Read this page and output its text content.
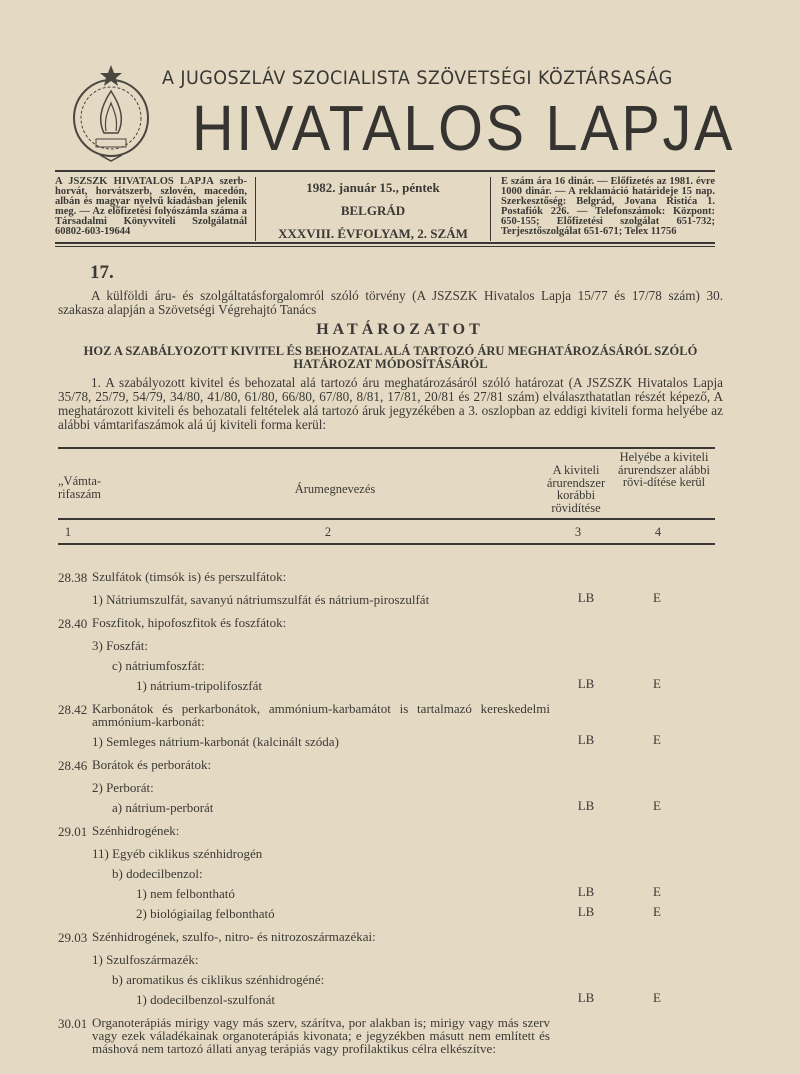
A JUGOSZLÁV SZOCIALISTA SZÖVETSÉGI KÖZTÁRSASÁG
HIVATALOS LAPJA
A JSZSZK HIVATALOS LAPJA szerb-horvát, horvátszerb, szlovén, macedón, albán és magyar nyelvű kiadásban jelenik meg. — Az előfizetési folyószámla száma a Társadalmi Könyvviteli Szolgálatnál 60802-603-19644
1982. január 15., péntek
BELGRÁD
XXXVIII. ÉVFOLYAM, 2. SZÁM
E szám ára 16 dinár. — Előfizetés az 1981. évre 1000 dinár. — A reklamáció határideje 15 nap. Szerkesztőség: Belgrád, Jovana Ristića 1. Postafiók 226. — Telefonszámok: Központ: 650-155; Előfizetési szolgálat 651-732; Terjesztőszolgálat 651-671; Telex 11756
17.
A külföldi áru- és szolgáltatásforgalomról szóló törvény (A JSZSZK Hivatalos Lapja 15/77 és 17/78 szám) 30. szakasza alapján a Szövetségi Végrehajtó Tanács
HATÁROZATOT
HOZ A SZABÁLYOZOTT KIVITEL ÉS BEHOZATAL ALÁ TARTOZÓ ÁRU MEGHATÁROZÁSÁRÓL SZÓLÓ HATÁROZAT MÓDOSÍTÁSÁRÓL
1. A szabályozott kivitel és behozatal alá tartozó áru meghatározásáról szóló határozat (A JSZSZK Hivatalos Lapja 35/78, 25/79, 54/79, 34/80, 41/80, 61/80, 66/80, 67/80, 8/81, 17/81, 20/81 és 27/81 szám) elválaszthatatlan részét képező, A meghatározott kiviteli és behozatali feltételek alá tartozó áruk jegyzékében a 3. oszlopban az eddigi kiviteli forma helyébe az alábbi vámtarifaszámok alá új kiviteli forma kerül:
„Vámta-rifaszám	Árumegnevezés
A kiviteli árurendszer korábbi rövidítése
Helyébe a kiviteli árurendszer alábbi rövi-dítése kerül
1	2	3	4
28.38 Szulfátok (timsók is) és perszulfátok:
1) Nátriumszulfát, savanyú nátriumszulfát és nátrium-piroszulfát	LB	E
28.40 Foszfitok, hipofoszfitok és foszfátok:
3) Foszfát:
c) nátriumfoszfát:
1) nátrium-tripolifoszfát	LB	E
28.42 Karbonátok és perkarbonátok, ammónium-karbamátot is tartalmazó kereskedelmi ammónium-karbonát:
1) Semleges nátrium-karbonát (kalcinált szóda)	LB	E
28.46 Borátok és perborátok:
2) Perborát:
a) nátrium-perborát	LB	E
29.01 Szénhidrogének:
11) Egyéb ciklikus szénhidrogén
b) dodecilbenzol:
1) nem felbontható	LB	E
2) biológiailag felbontható	LB	E
29.03 Szénhidrogének, szulfo-, nitro- és nitrozoszármazékai:
1) Szulfoszármazék:
b) aromatikus és ciklikus szénhidrogéné:
1) dodecilbenzol-szulfonát	LB	E
30.01 Organoterápiás mirigy vagy más szerv, szárítva, por alakban is; mirigy vagy más szerv vagy ezek váladékainak organoterápiás kivonata; e jegyzékben másutt nem említett és máshová nem tartozó állati anyag terápiás vagy profilaktikus célra elkészítve:
